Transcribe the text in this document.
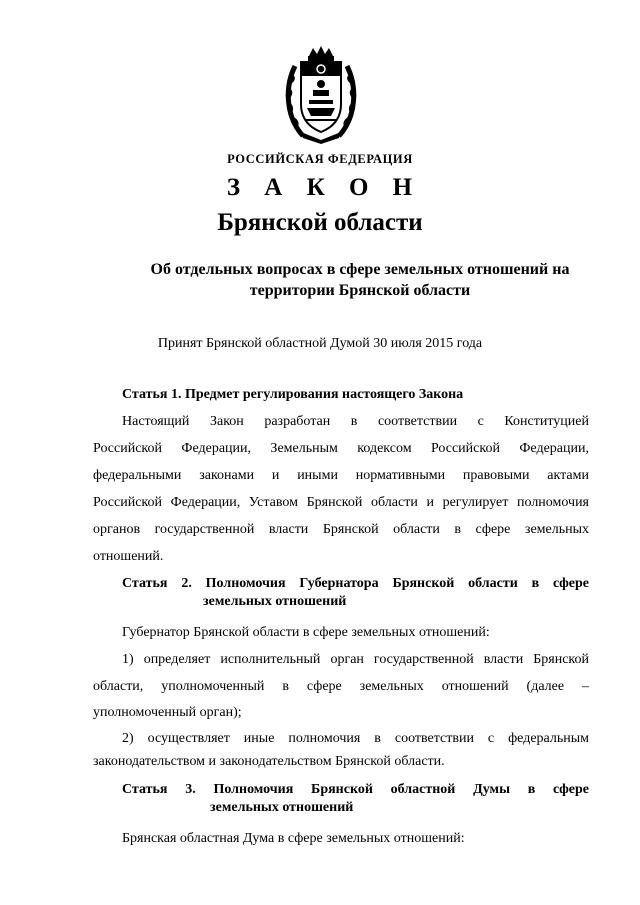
РОССИЙСКАЯ ФЕДЕРАЦИЯ
З А К О Н
Брянской области
Об отдельных вопросах в сфере земельных отношений на
территории Брянской области
Принят Брянской областной Думой 30 июля 2015 года
Статья 1. Предмет регулирования настоящего Закона
Настоящий Закон разработан в соответствии с Конституцией
Российской Федерации, Земельным кодексом Российской Федерации,
федеральными законами и иными нормативными правовыми актами
Российской Федерации, Уставом Брянской области и регулирует полномочия
органов государственной власти Брянской области в сфере земельных
отношений.
Статья 2. Полномочия Губернатора Брянской области в сфере
земельных отношений
Губернатор Брянской области в сфере земельных отношений:
1) определяет исполнительный орган государственной власти Брянской
области, уполномоченный в сфере земельных отношений (далее –
уполномоченный орган);
2) осуществляет иные полномочия в соответствии с федеральным
законодательством и законодательством Брянской области.
Статья 3. Полномочия Брянской областной Думы в сфере
земельных отношений
Брянская областная Дума в сфере земельных отношений:
